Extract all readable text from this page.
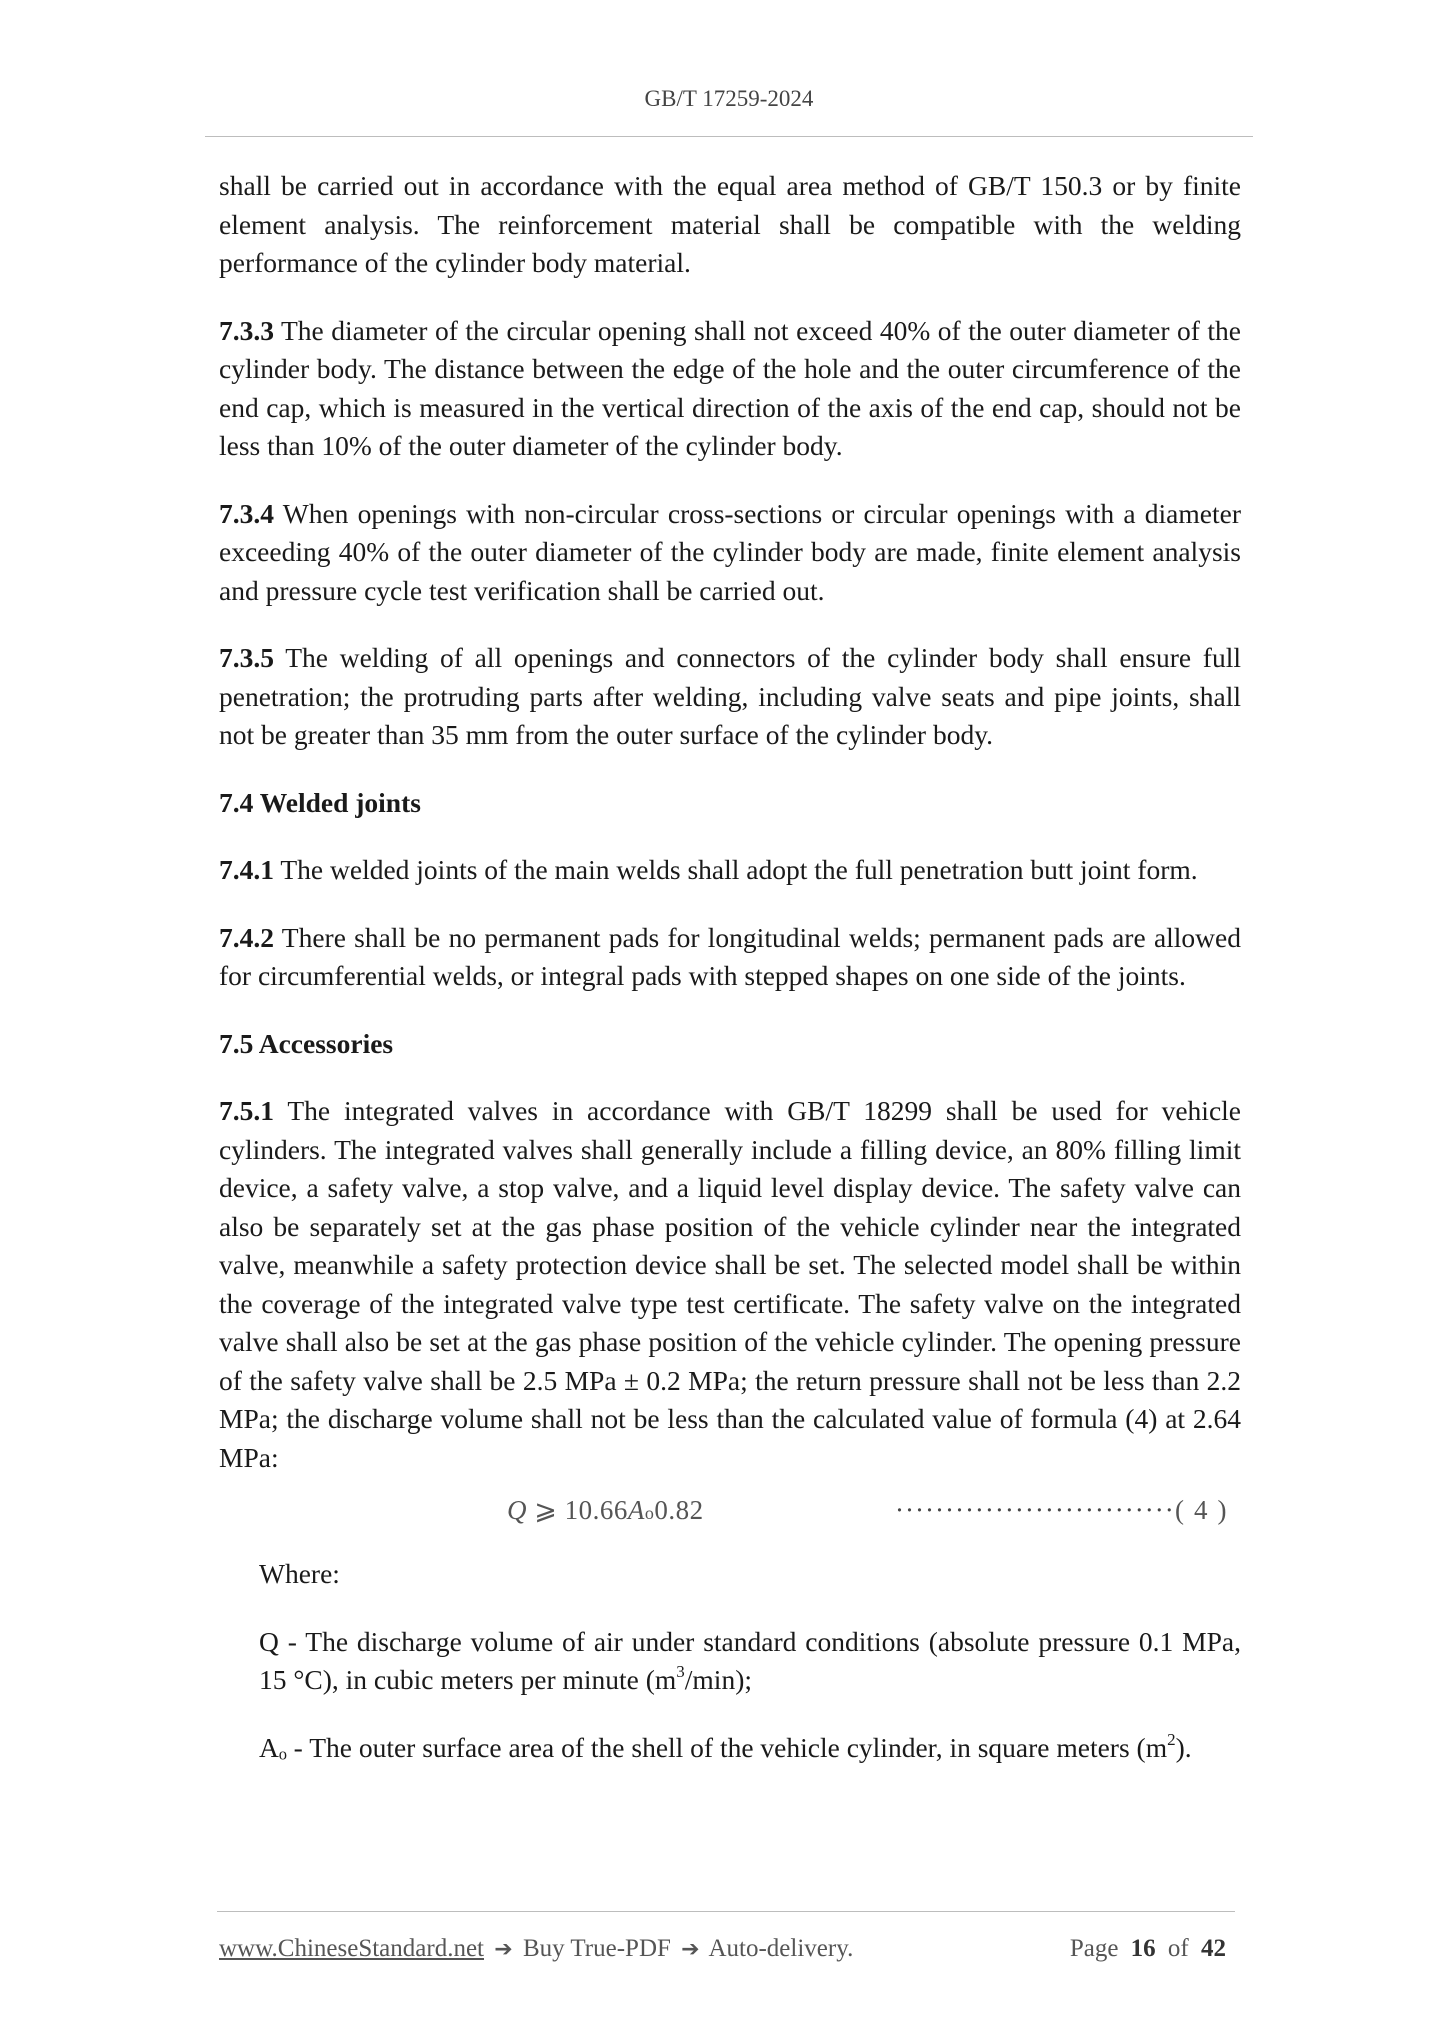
GB/T 17259-2024

shall be carried out in accordance with the equal area method of GB/T 150.3 or by finite element analysis. The reinforcement material shall be compatible with the welding performance of the cylinder body material.

7.3.3 The diameter of the circular opening shall not exceed 40% of the outer diameter of the cylinder body. The distance between the edge of the hole and the outer circumference of the end cap, which is measured in the vertical direction of the axis of the end cap, should not be less than 10% of the outer diameter of the cylinder body.

7.3.4 When openings with non-circular cross-sections or circular openings with a diameter exceeding 40% of the outer diameter of the cylinder body are made, finite element analysis and pressure cycle test verification shall be carried out.

7.3.5 The welding of all openings and connectors of the cylinder body shall ensure full penetration; the protruding parts after welding, including valve seats and pipe joints, shall not be greater than 35 mm from the outer surface of the cylinder body.

7.4 Welded joints

7.4.1 The welded joints of the main welds shall adopt the full penetration butt joint form.

7.4.2 There shall be no permanent pads for longitudinal welds; permanent pads are allowed for circumferential welds, or integral pads with stepped shapes on one side of the joints.

7.5 Accessories

7.5.1 The integrated valves in accordance with GB/T 18299 shall be used for vehicle cylinders. The integrated valves shall generally include a filling device, an 80% filling limit device, a safety valve, a stop valve, and a liquid level display device. The safety valve can also be separately set at the gas phase position of the vehicle cylinder near the integrated valve, meanwhile a safety protection device shall be set. The selected model shall be within the coverage of the integrated valve type test certificate. The safety valve on the integrated valve shall also be set at the gas phase position of the vehicle cylinder. The opening pressure of the safety valve shall be 2.5 MPa ± 0.2 MPa; the return pressure shall not be less than 2.2 MPa; the discharge volume shall not be less than the calculated value of formula (4) at 2.64 MPa:

Q ⩾ 10.66Ao0.82	···························· (4)

Where:

Q - The discharge volume of air under standard conditions (absolute pressure 0.1 MPa, 15 °C), in cubic meters per minute $(m^3/\min)$;

Aₒ - The outer surface area of the shell of the vehicle cylinder, in square meters $(m^2)$.

www.ChineseStandard.net ➔ Buy True-PDF ➔ Auto-delivery.	Page 16 of 42
